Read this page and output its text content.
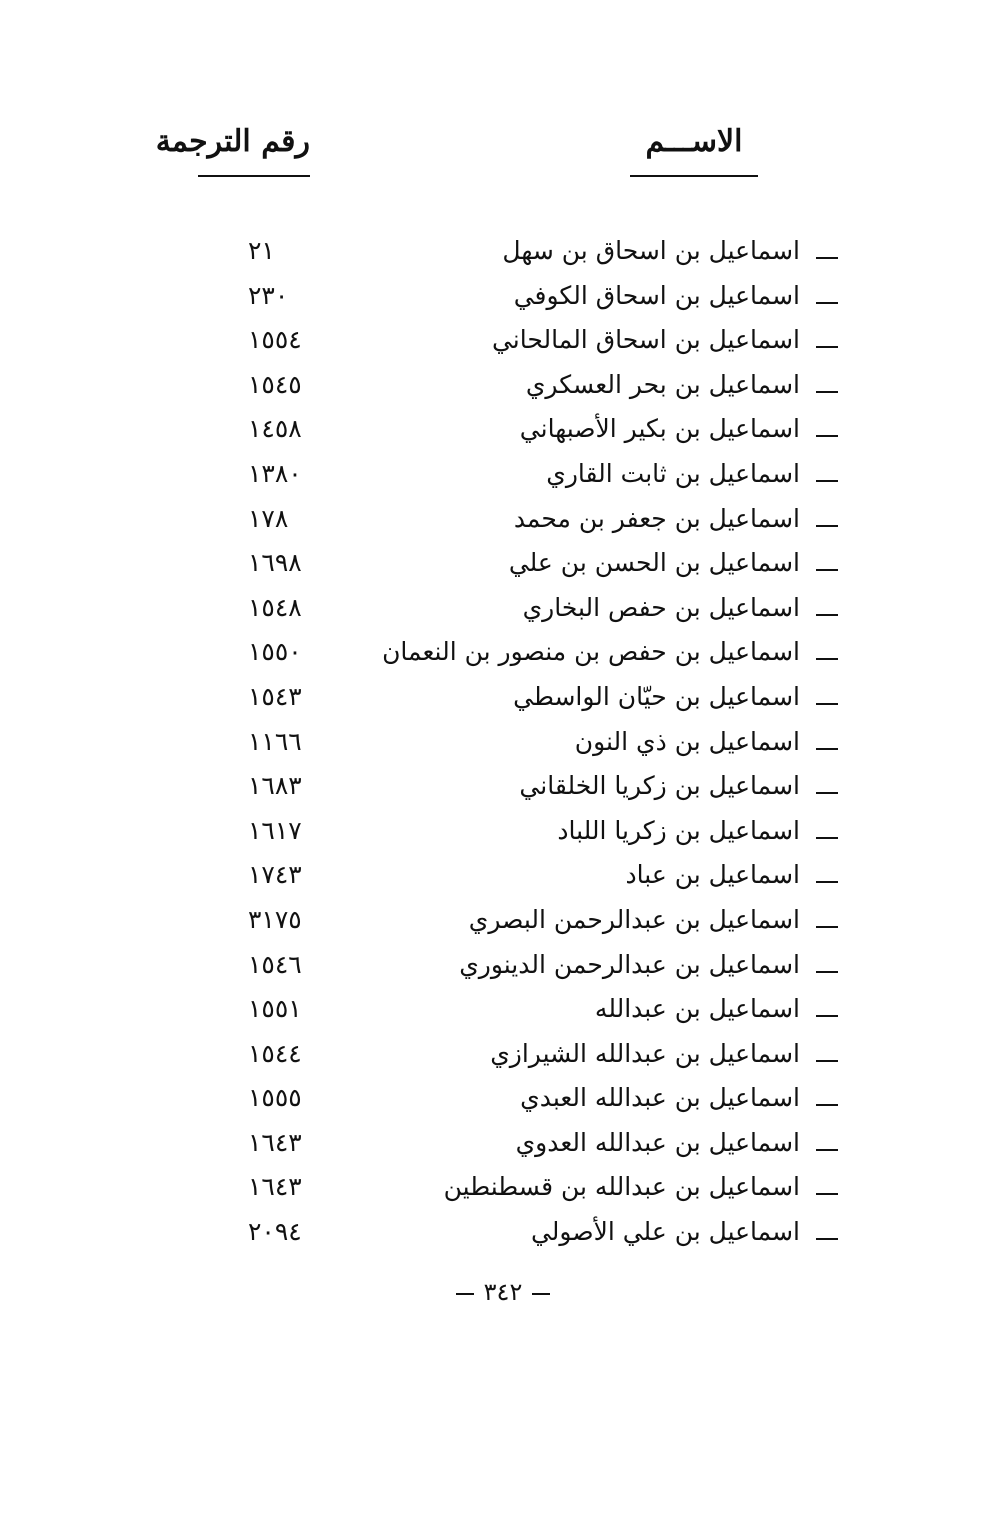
الاســـم
رقم الترجمة
اسماعيل بن اسحاق بن سهل
٢١
اسماعيل بن اسحاق الكوفي
٢٣٠
اسماعيل بن اسحاق المالحاني
١٥٥٤
اسماعيل بن بحر العسكري
١٥٤٥
اسماعيل بن بكير الأصبهاني
١٤٥٨
اسماعيل بن ثابت القاري
١٣٨٠
اسماعيل بن جعفر بن محمد
١٧٨
اسماعيل بن الحسن بن علي
١٦٩٨
اسماعيل بن حفص البخاري
١٥٤٨
اسماعيل بن حفص بن منصور بن النعمان
١٥٥٠
اسماعيل بن حيّان الواسطي
١٥٤٣
اسماعيل بن ذي النون
١١٦٦
اسماعيل بن زكريا الخلقاني
١٦٨٣
اسماعيل بن زكريا اللباد
١٦١٧
اسماعيل بن عباد
١٧٤٣
اسماعيل بن عبدالرحمن البصري
٣١٧٥
اسماعيل بن عبدالرحمن الدينوري
١٥٤٦
اسماعيل بن عبدالله
١٥٥١
اسماعيل بن عبدالله الشيرازي
١٥٤٤
اسماعيل بن عبدالله العبدي
١٥٥٥
اسماعيل بن عبدالله العدوي
١٦٤٣
اسماعيل بن عبدالله بن قسطنطين
١٦٤٣
اسماعيل بن علي الأصولي
٢٠٩٤
٣٤٢
